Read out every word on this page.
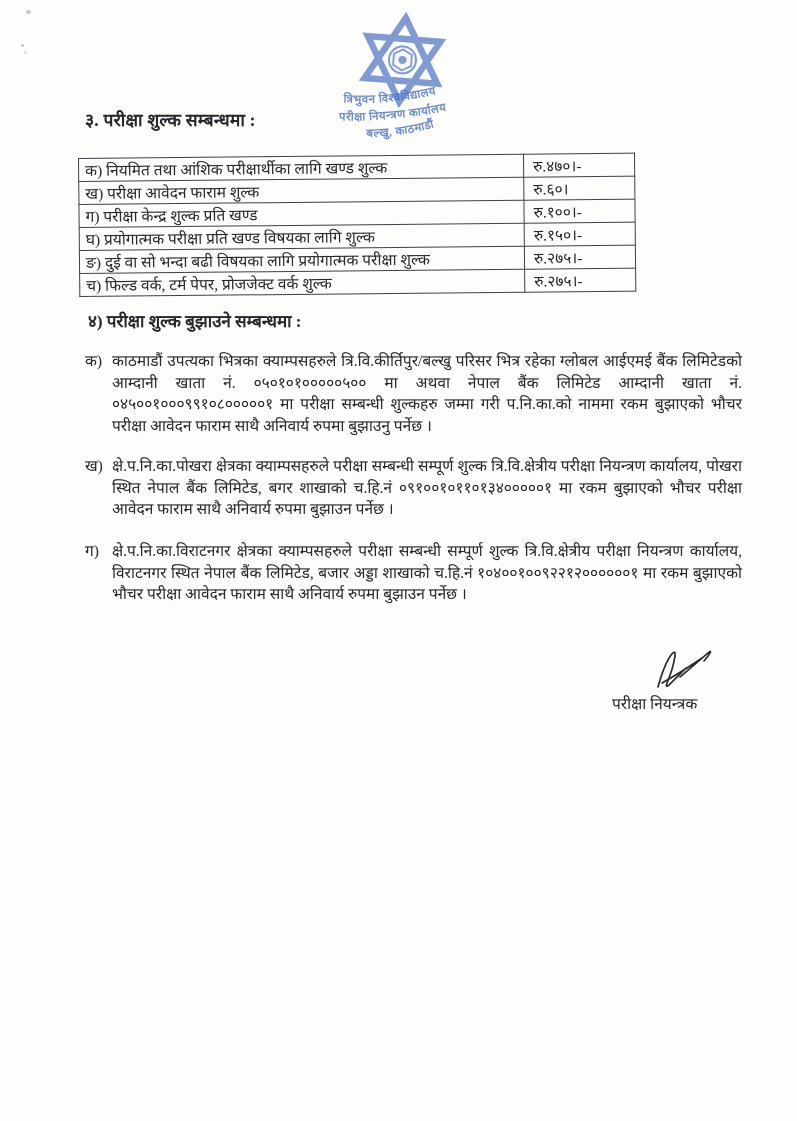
त्रिभुवन विश्वविद्यालय
परीक्षा नियन्त्रण कार्यालय
बल्खु, काठमाडौं
३. परीक्षा शुल्क सम्बन्धमा :
क) नियमित तथा आंशिक परीक्षार्थीका लागि खण्ड शुल्क	रु.४७०।-
ख) परीक्षा आवेदन फाराम शुल्क	रु.६०।
ग) परीक्षा केन्द्र शुल्क प्रति खण्ड	रु.१००।-
घ) प्रयोगात्मक परीक्षा प्रति खण्ड विषयका लागि शुल्क	रु.१५०।-
ङ) दुई वा सो भन्दा बढी विषयका लागि प्रयोगात्मक परीक्षा शुल्क	रु.२७५।-
च) फिल्ड वर्क, टर्म पेपर, प्रोजजेक्ट वर्क शुल्क	रु.२७५।-
४) परीक्षा शुल्क बुझाउने सम्बन्धमा :
क) काठमाडौं उपत्यका भित्रका क्याम्पसहरुले त्रि.वि.कीर्तिपुर/बल्खु परिसर भित्र रहेका ग्लोबल आईएमई बैंक लिमिटेडको आम्दानी खाता नं. ०५०१०१०००००५०० मा अथवा नेपाल बैंक लिमिटेड आम्दानी खाता नं. ०४५००१०००९९१०८०००००१ मा परीक्षा सम्बन्धी शुल्कहरु जम्मा गरी प.नि.का.को नाममा रकम बुझाएको भौचर परीक्षा आवेदन फाराम साथै अनिवार्य रुपमा बुझाउनु पर्नेछ ।
ख) क्षे.प.नि.का.पोखरा क्षेत्रका क्याम्पसहरुले परीक्षा सम्बन्धी सम्पूर्ण शुल्क त्रि.वि.क्षेत्रीय परीक्षा नियन्त्रण कार्यालय, पोखरा स्थित नेपाल बैंक लिमिटेड, बगर शाखाको च.हि.नं ०९१००१०११०१३४०००००१ मा रकम बुझाएको भौचर परीक्षा आवेदन फाराम साथै अनिवार्य रुपमा बुझाउन पर्नेछ ।
ग) क्षे.प.नि.का.विराटनगर क्षेत्रका क्याम्पसहरुले परीक्षा सम्बन्धी सम्पूर्ण शुल्क त्रि.वि.क्षेत्रीय परीक्षा नियन्त्रण कार्यालय, विराटनगर स्थित नेपाल बैंक लिमिटेड, बजार अड्डा शाखाको च.हि.नं १०४००१००९२२१२००००००१ मा रकम बुझाएको भौचर परीक्षा आवेदन फाराम साथै अनिवार्य रुपमा बुझाउन पर्नेछ ।
परीक्षा नियन्त्रक
